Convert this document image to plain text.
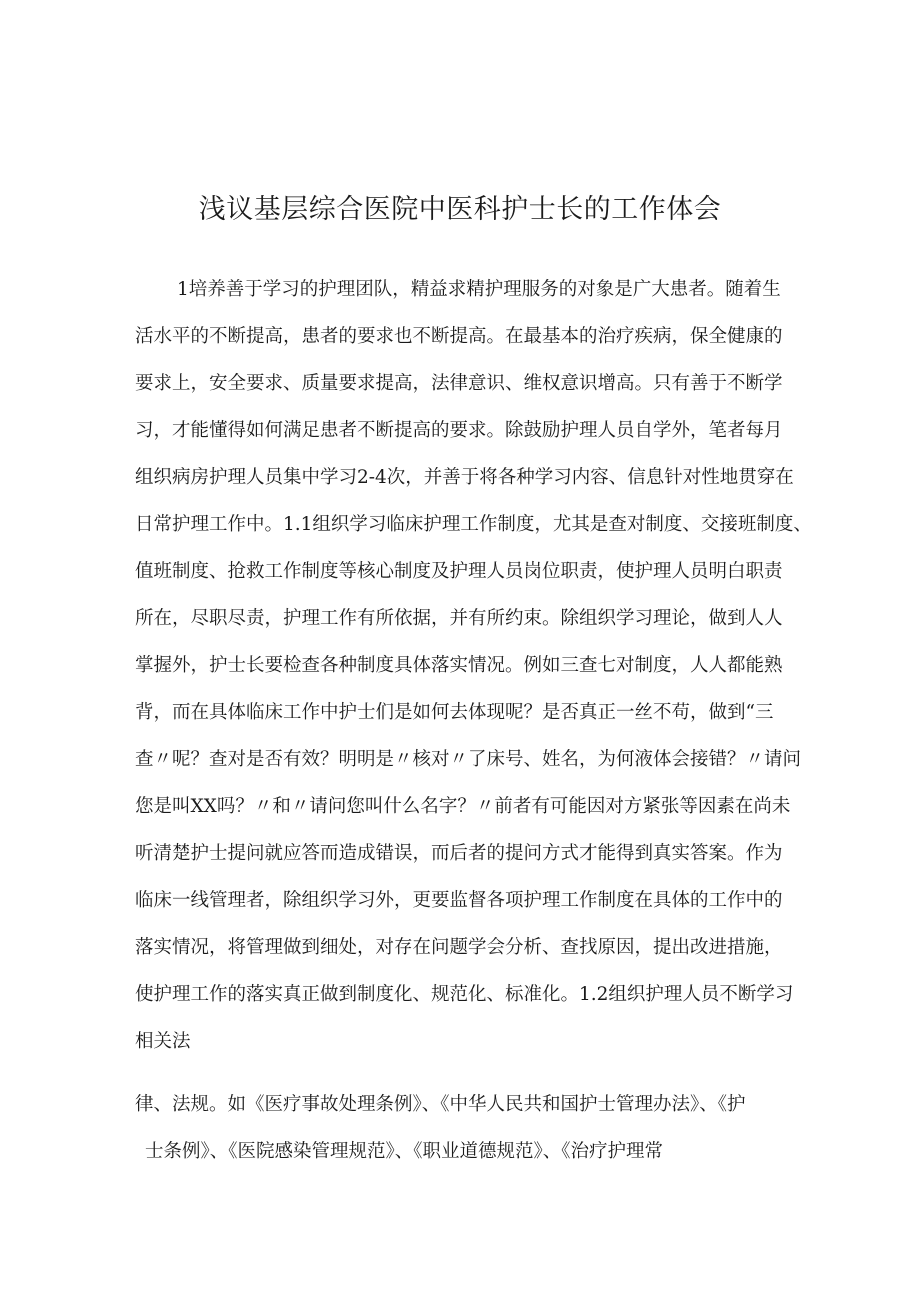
浅议基层综合医院中医科护士长的工作体会
1培养善于学习的护理团队，精益求精护理服务的对象是广大患者。随着生
活水平的不断提高，患者的要求也不断提高。在最基本的治疗疾病，保全健康的
要求上，安全要求、质量要求提高，法律意识、维权意识增高。只有善于不断学
习，才能懂得如何满足患者不断提高的要求。除鼓励护理人员自学外，笔者每月
组织病房护理人员集中学习2-4次，并善于将各种学习内容、信息针对性地贯穿在
日常护理工作中。1.1组织学习临床护理工作制度，尤其是查对制度、交接班制度、
值班制度、抢救工作制度等核心制度及护理人员岗位职责，使护理人员明白职责
所在，尽职尽责，护理工作有所依据，并有所约束。除组织学习理论，做到人人
掌握外，护士长要检查各种制度具体落实情况。例如三查七对制度，人人都能熟
背，而在具体临床工作中护士们是如何去体现呢？是否真正一丝不苟，做到“三
查〃呢？查对是否有效？明明是〃核对〃了床号、姓名，为何液体会接错？〃请问
您是叫XX吗？〃和〃请问您叫什么名字？〃前者有可能因对方紧张等因素在尚未
听清楚护士提问就应答而造成错误，而后者的提问方式才能得到真实答案。作为
临床一线管理者，除组织学习外，更要监督各项护理工作制度在具体的工作中的
落实情况，将管理做到细处，对存在问题学会分析、查找原因，提出改进措施，
使护理工作的落实真正做到制度化、规范化、标准化。1.2组织护理人员不断学习
相关法
律、法规。如《医疗事故处理条例》、《中华人民共和国护士管理办法》、《护
士条例》、《医院感染管理规范》、《职业道德规范》、《治疗护理常
